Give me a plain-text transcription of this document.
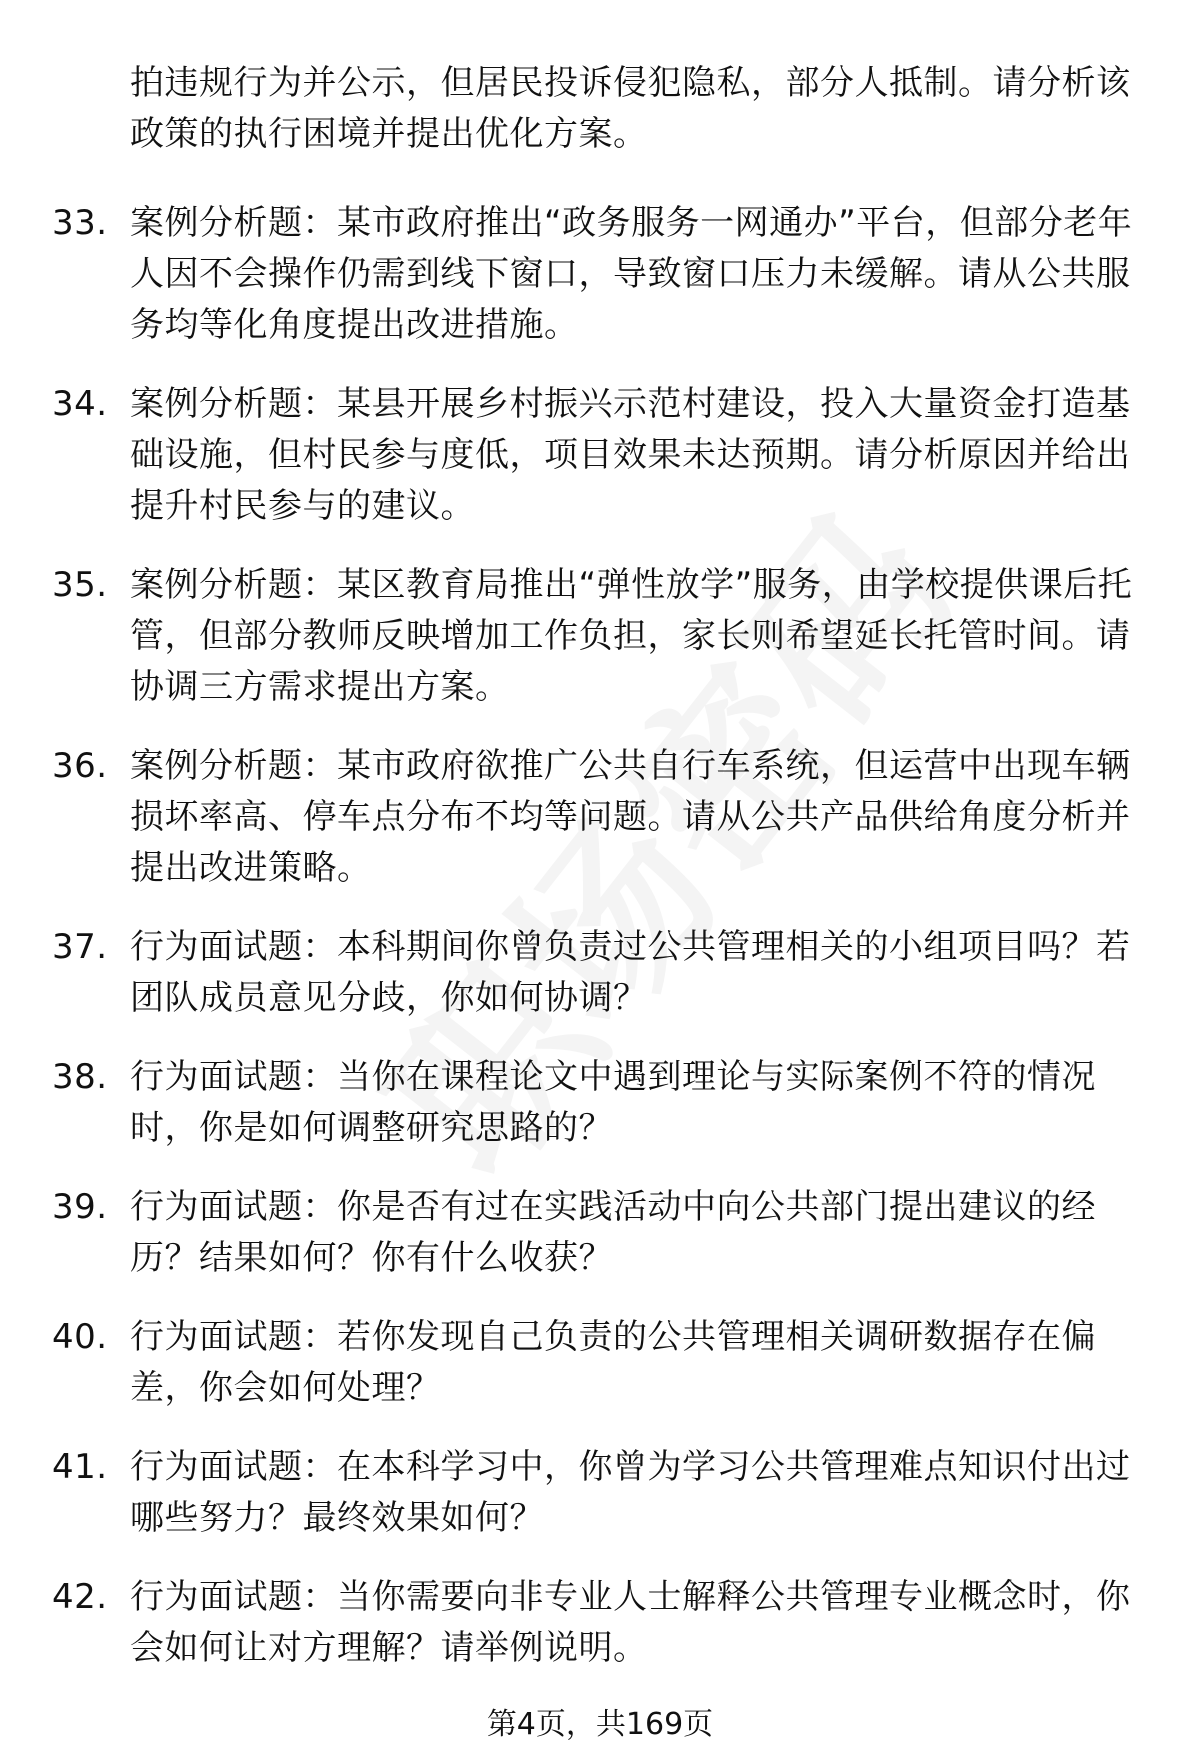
拍违规行为并公示，但居民投诉侵犯隐私，部分人抵制。请分析该政策的执行困境并提出优化方案。
33. 案例分析题：某市政府推出“政务服务一网通办”平台，但部分老年人因不会操作仍需到线下窗口，导致窗口压力未缓解。请从公共服务均等化角度提出改进措施。
34. 案例分析题：某县开展乡村振兴示范村建设，投入大量资金打造基础设施，但村民参与度低，项目效果未达预期。请分析原因并给出提升村民参与的建议。
35. 案例分析题：某区教育局推出“弹性放学”服务，由学校提供课后托管，但部分教师反映增加工作负担，家长则希望延长托管时间。请协调三方需求提出方案。
36. 案例分析题：某市政府欲推广公共自行车系统，但运营中出现车辆损坏率高、停车点分布不均等问题。请从公共产品供给角度分析并提出改进策略。
37. 行为面试题：本科期间你曾负责过公共管理相关的小组项目吗？若团队成员意见分歧，你如何协调？
38. 行为面试题：当你在课程论文中遇到理论与实际案例不符的情况时，你是如何调整研究思路的？
39. 行为面试题：你是否有过在实践活动中向公共部门提出建议的经历？结果如何？你有什么收获？
40. 行为面试题：若你发现自己负责的公共管理相关调研数据存在偏差，你会如何处理？
41. 行为面试题：在本科学习中，你曾为学习公共管理难点知识付出过哪些努力？最终效果如何？
42. 行为面试题：当你需要向非专业人士解释公共管理专业概念时，你会如何让对方理解？请举例说明。
第4页，共169页
